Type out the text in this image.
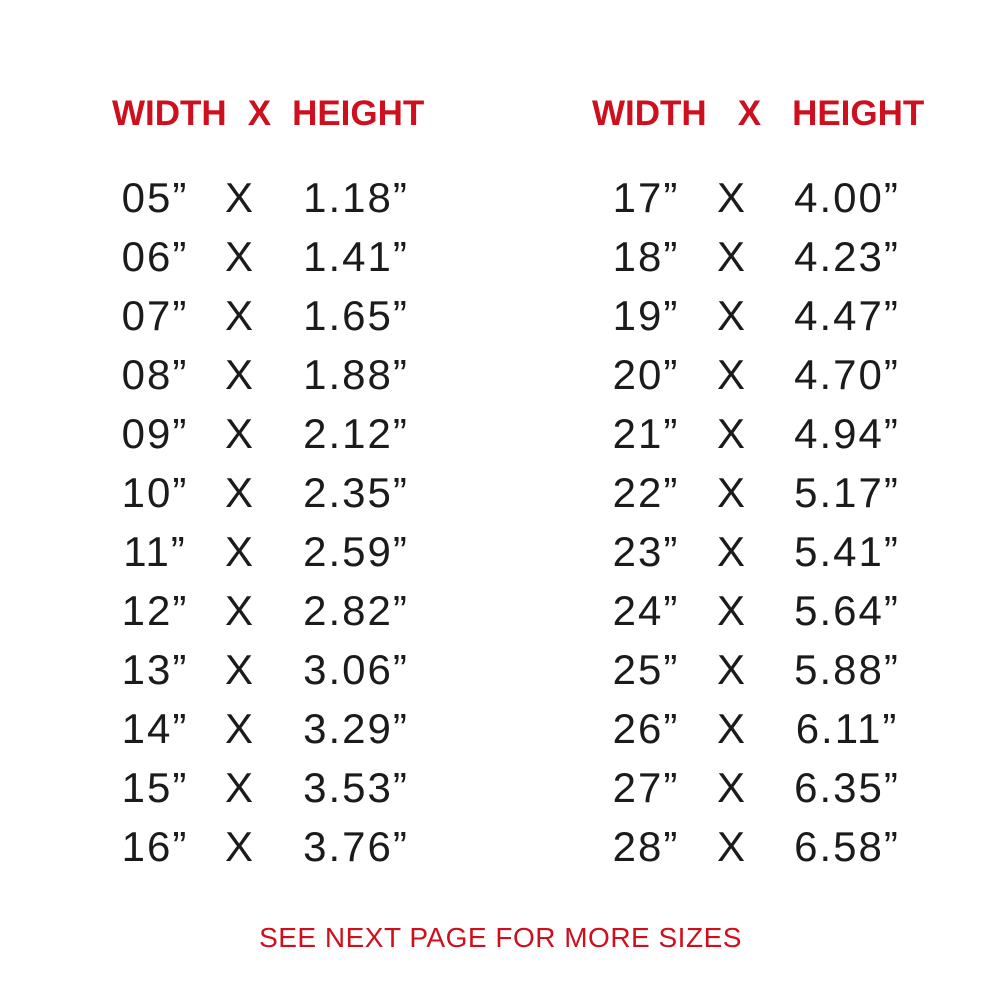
WIDTH X HEIGHT	WIDTH X HEIGHT
05” X	1.18”
06” X	1.41”
07” X	1.65”
08” X	1.88”
09” X	2.12”
10” X	2.35”
11” X	2.59”
12” X	2.82”
13” X	3.06”
14” X	3.29”
15” X	3.53”
16” X	3.76”
17” X	4.00”
18” X	4.23”
19” X	4.47”
20” X	4.70”
21” X	4.94”
22” X	5.17”
23” X	5.41”
24” X	5.64”
25” X	5.88”
26” X	6.11”
27” X	6.35”
28” X	6.58”
SEE NEXT PAGE FOR MORE SIZES
